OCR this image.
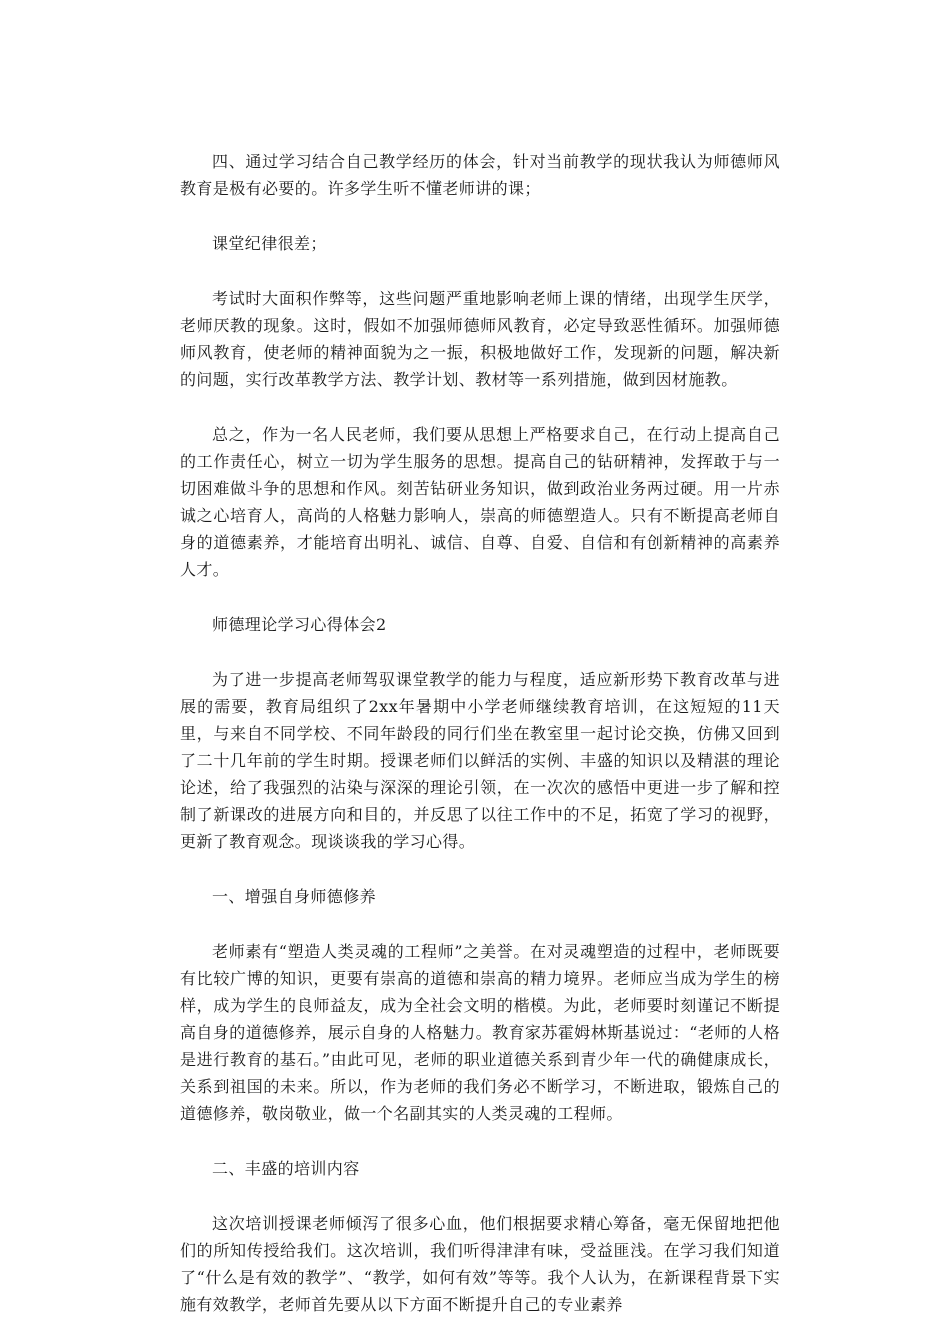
四、通过学习结合自己教学经历的体会，针对当前教学的现状我认为师德师风教育是极有必要的。许多学生听不懂老师讲的课；

课堂纪律很差；

考试时大面积作弊等，这些问题严重地影响老师上课的情绪，出现学生厌学，老师厌教的现象。这时，假如不加强师德师风教育，必定导致恶性循环。加强师德师风教育，使老师的精神面貌为之一振，积极地做好工作，发现新的问题，解决新的问题，实行改革教学方法、教学计划、教材等一系列措施，做到因材施教。

总之，作为一名人民老师，我们要从思想上严格要求自己，在行动上提高自己的工作责任心，树立一切为学生服务的思想。提高自己的钻研精神，发挥敢于与一切困难做斗争的思想和作风。刻苦钻研业务知识，做到政治业务两过硬。用一片赤诚之心培育人，高尚的人格魅力影响人，崇高的师德塑造人。只有不断提高老师自身的道德素养，才能培育出明礼、诚信、自尊、自爱、自信和有创新精神的高素养人才。

师德理论学习心得体会2

为了进一步提高老师驾驭课堂教学的能力与程度，适应新形势下教育改革与进展的需要，教育局组织了2xx年暑期中小学老师继续教育培训，在这短短的11天里，与来自不同学校、不同年龄段的同行们坐在教室里一起讨论交换，仿佛又回到了二十几年前的学生时期。授课老师们以鲜活的实例、丰盛的知识以及精湛的理论论述，给了我强烈的沾染与深深的理论引领，在一次次的感悟中更进一步了解和控制了新课改的进展方向和目的，并反思了以往工作中的不足，拓宽了学习的视野，更新了教育观念。现谈谈我的学习心得。

一、增强自身师德修养

老师素有“塑造人类灵魂的工程师”之美誉。在对灵魂塑造的过程中，老师既要有比较广博的知识，更要有崇高的道德和崇高的精力境界。老师应当成为学生的榜样，成为学生的良师益友，成为全社会文明的楷模。为此，老师要时刻谨记不断提高自身的道德修养，展示自身的人格魅力。教育家苏霍姆林斯基说过：“老师的人格是进行教育的基石。”由此可见，老师的职业道德关系到青少年一代的确健康成长，关系到祖国的未来。所以，作为老师的我们务必不断学习，不断进取，锻炼自己的道德修养，敬岗敬业，做一个名副其实的人类灵魂的工程师。

二、丰盛的培训内容

这次培训授课老师倾泻了很多心血，他们根据要求精心筹备，毫无保留地把他们的所知传授给我们。这次培训，我们听得津津有味，受益匪浅。在学习我们知道了“什么是有效的教学”、“教学，如何有效”等等。我个人认为，在新课程背景下实施有效教学，老师首先要从以下方面不断提升自己的专业素养
